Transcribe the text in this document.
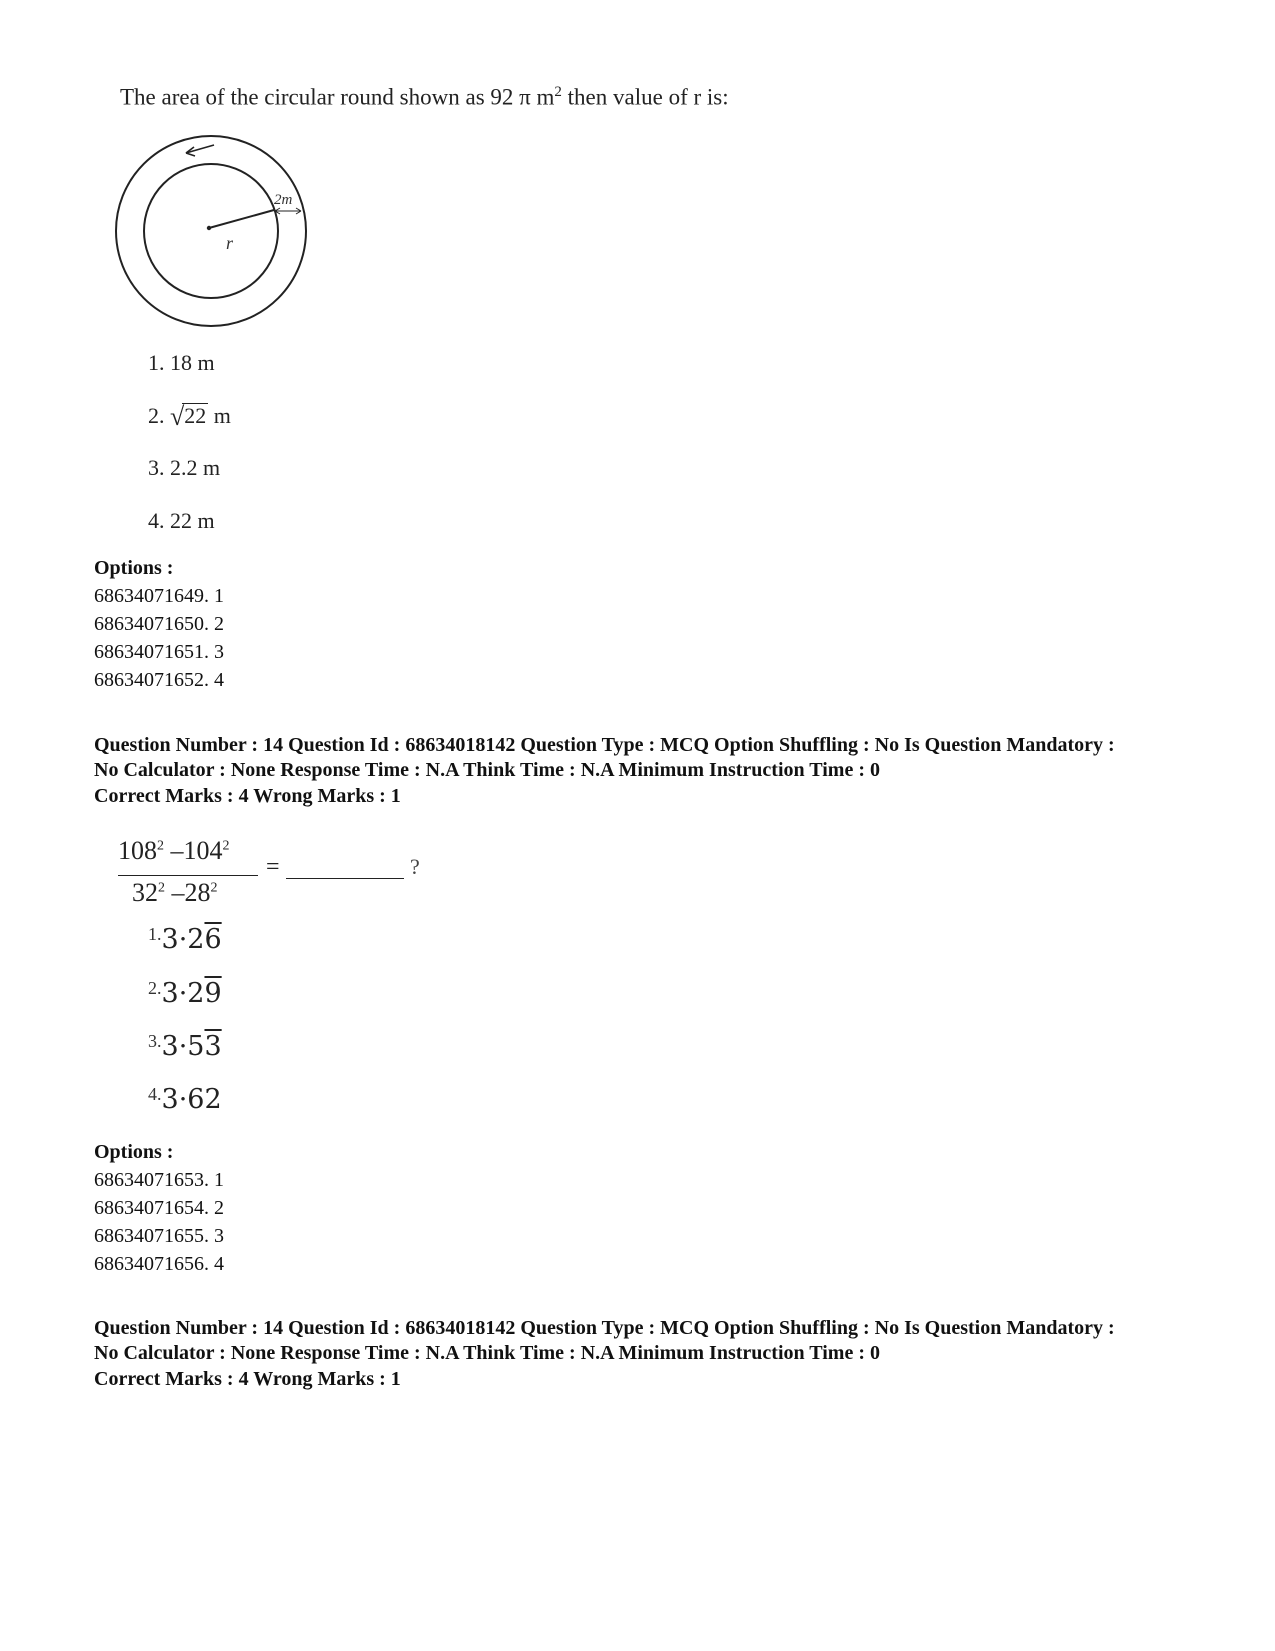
The area of the circular round shown as 92 π $m^2$ then value of r is:
2m
r
1. 18 m
2. √22 m
3. 2.2 m
4. 22 m
Options :
68634071649. 1
68634071650. 2
68634071651. 3
68634071652. 4
Question Number : 14 Question Id : 68634018142 Question Type : MCQ Option Shuffling : No Is Question Mandatory :
No Calculator : None Response Time : N.A Think Time : N.A Minimum Instruction Time : 0
Correct Marks : 4 Wrong Marks : 1
$108^2$ $-104^2$
$32^2$ $-28^2$
=	?
1.3·26
2.3·29
3.3·53
4.3·62
Options :
68634071653. 1
68634071654. 2
68634071655. 3
68634071656. 4
Question Number : 14 Question Id : 68634018142 Question Type : MCQ Option Shuffling : No Is Question Mandatory :
No Calculator : None Response Time : N.A Think Time : N.A Minimum Instruction Time : 0
Correct Marks : 4 Wrong Marks : 1
